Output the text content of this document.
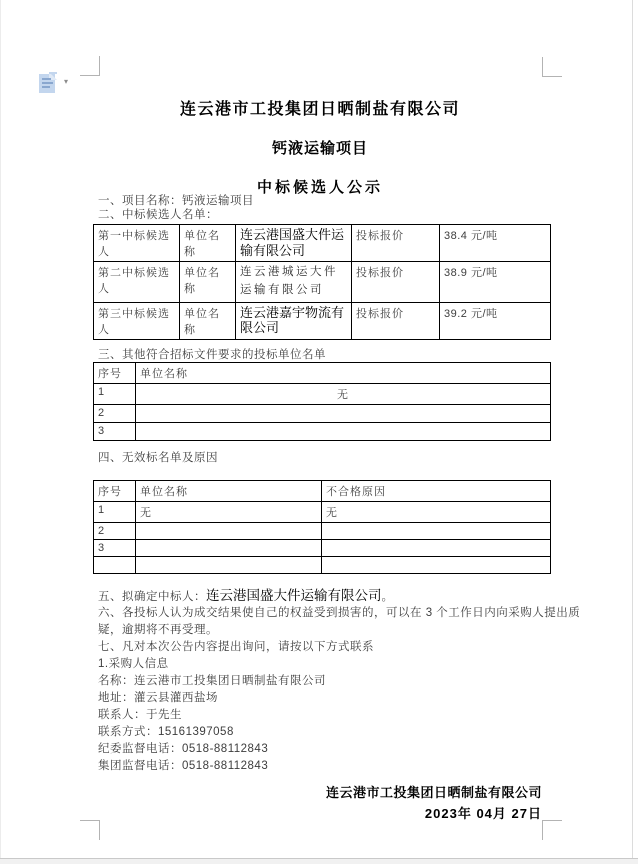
▾
连云港市工投集团日晒制盐有限公司
钙液运输项目
中标候选人公示
一、项目名称：钙液运输项目
二、中标候选人名单：
第一中标候选人	单位名称	连云港国盛大件运输有限公司	投标报价	38.4 元/吨
第二中标候选人	单位名称	连云港城运大件运输有限公司	投标报价	38.9 元/吨
第三中标候选人	单位名称	连云港嘉宇物流有限公司	投标报价	39.2 元/吨
三、其他符合招标文件要求的投标单位名单
序号	单位名称
1	无
2	
3	
四、无效标名单及原因
序号	单位名称	不合格原因
1	无	无
2		
3		

五、拟确定中标人：连云港国盛大件运输有限公司。
六、各投标人认为成交结果使自己的权益受到损害的，可以在 3 个工作日内向采购人提出质
疑，逾期将不再受理。
七、凡对本次公告内容提出询问，请按以下方式联系
1.采购人信息
名称：连云港市工投集团日晒制盐有限公司
地址：灌云县灌西盐场
联系人：于先生
联系方式：15161397058
纪委监督电话：0518-88112843
集团监督电话：0518-88112843
连云港市工投集团日晒制盐有限公司
2023年 04月 27日
